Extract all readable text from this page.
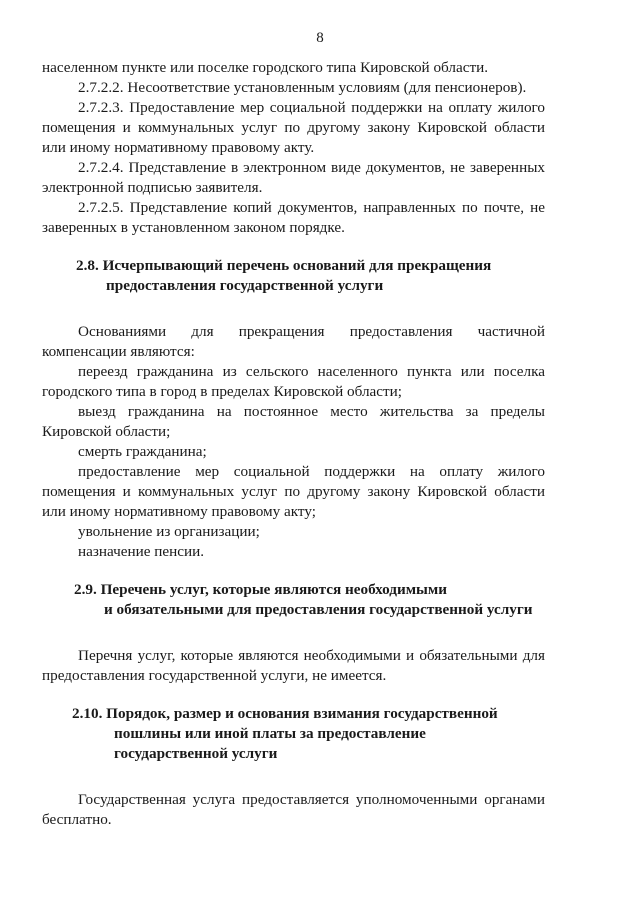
8

населенном пункте или поселке городского типа Кировской области.

2.7.2.2. Несоответствие установленным условиям (для пенсионеров).

2.7.2.3. Предоставление мер социальной поддержки на оплату жилого помещения и коммунальных услуг по другому закону Кировской области или иному нормативному правовому акту.

2.7.2.4. Представление в электронном виде документов, не заверенных электронной подписью заявителя.

2.7.2.5. Представление копий документов, направленных по почте, не заверенных в установленном законом порядке.

2.8. Исчерпывающий перечень оснований для прекращения
предоставления государственной услуги

Основаниями для прекращения предоставления частичной компенсации являются:

переезд гражданина из сельского населенного пункта или поселка городского типа в город в пределах Кировской области;

выезд гражданина на постоянное место жительства за пределы Кировской области;

смерть гражданина;

предоставление мер социальной поддержки на оплату жилого помещения и коммунальных услуг по другому закону Кировской области или иному нормативному правовому акту;

увольнение из организации;

назначение пенсии.

2.9. Перечень услуг, которые являются необходимыми
и обязательными для предоставления государственной услуги

Перечня услуг, которые являются необходимыми и обязательными для предоставления государственной услуги, не имеется.

2.10. Порядок, размер и основания взимания государственной
пошлины или иной платы за предоставление
государственной услуги

Государственная услуга предоставляется уполномоченными органами бесплатно.
